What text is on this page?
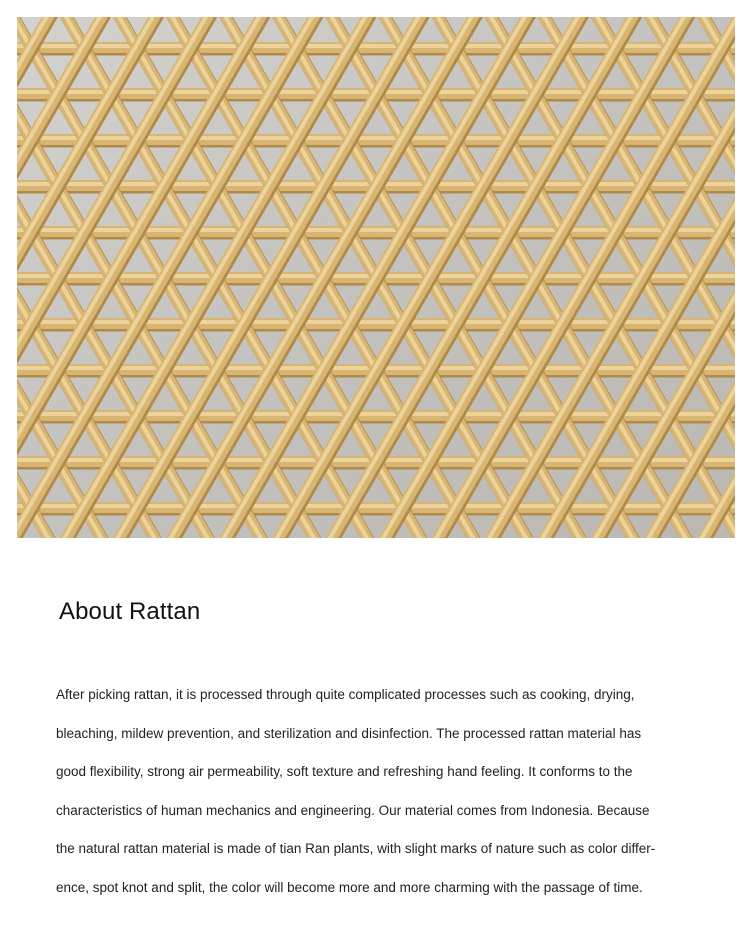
About Rattan

After picking rattan, it is processed through quite complicated processes such as cooking, drying,
bleaching, mildew prevention, and sterilization and disinfection. The processed rattan material has
good flexibility, strong air permeability, soft texture and refreshing hand feeling. It conforms to the
characteristics of human mechanics and engineering. Our material comes from Indonesia. Because
the natural rattan material is made of tian Ran plants, with slight marks of nature such as color differ-
ence, spot knot and split, the color will become more and more charming with the passage of time.
